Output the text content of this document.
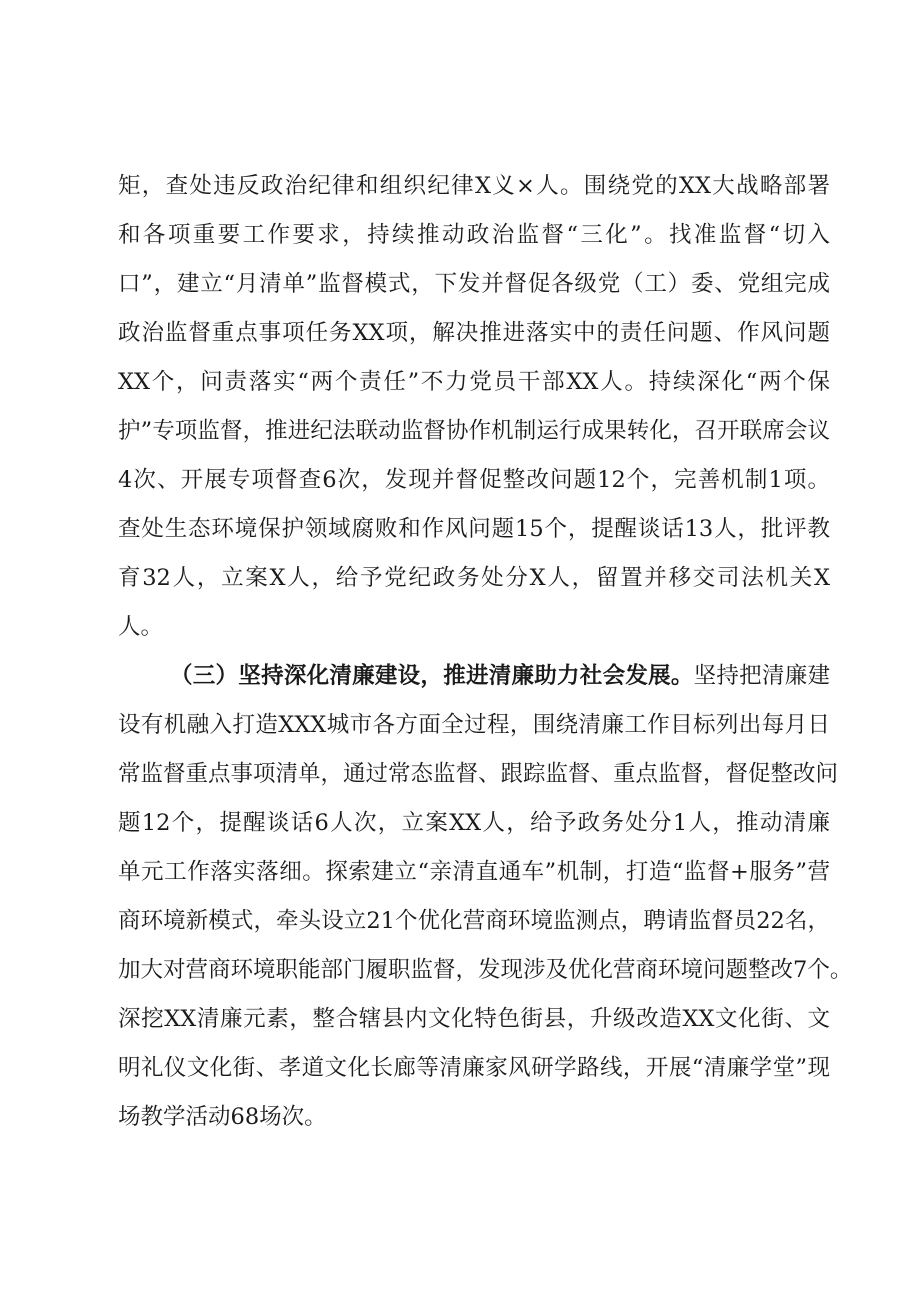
矩，查处违反政治纪律和组织纪律X义×人。围绕党的XX大战略部署
和各项重要工作要求，持续推动政治监督“三化”。找准监督“切入
口”，建立“月清单”监督模式，下发并督促各级党（工）委、党组完成
政治监督重点事项任务XX项，解决推进落实中的责任问题、作风问题
XX个，问责落实“两个责任”不力党员干部XX人。持续深化“两个保
护”专项监督，推进纪法联动监督协作机制运行成果转化，召开联席会议
4次、开展专项督查6次，发现并督促整改问题12个，完善机制1项。
查处生态环境保护领域腐败和作风问题15个，提醒谈话13人，批评教
育32人，立案X人，给予党纪政务处分X人，留置并移交司法机关X
人。
（三）坚持深化清廉建设，推进清廉助力社会发展。坚持把清廉建
设有机融入打造XXX城市各方面全过程，围绕清廉工作目标列出每月日
常监督重点事项清单，通过常态监督、跟踪监督、重点监督，督促整改问
题12个，提醒谈话6人次，立案XX人，给予政务处分1人，推动清廉
单元工作落实落细。探索建立“亲清直通车”机制，打造“监督+服务”营
商环境新模式，牵头设立21个优化营商环境监测点，聘请监督员22名，
加大对营商环境职能部门履职监督，发现涉及优化营商环境问题整改7个。
深挖XX清廉元素，整合辖县内文化特色街县，升级改造XX文化街、文
明礼仪文化街、孝道文化长廊等清廉家风研学路线，开展“清廉学堂”现
场教学活动68场次。
